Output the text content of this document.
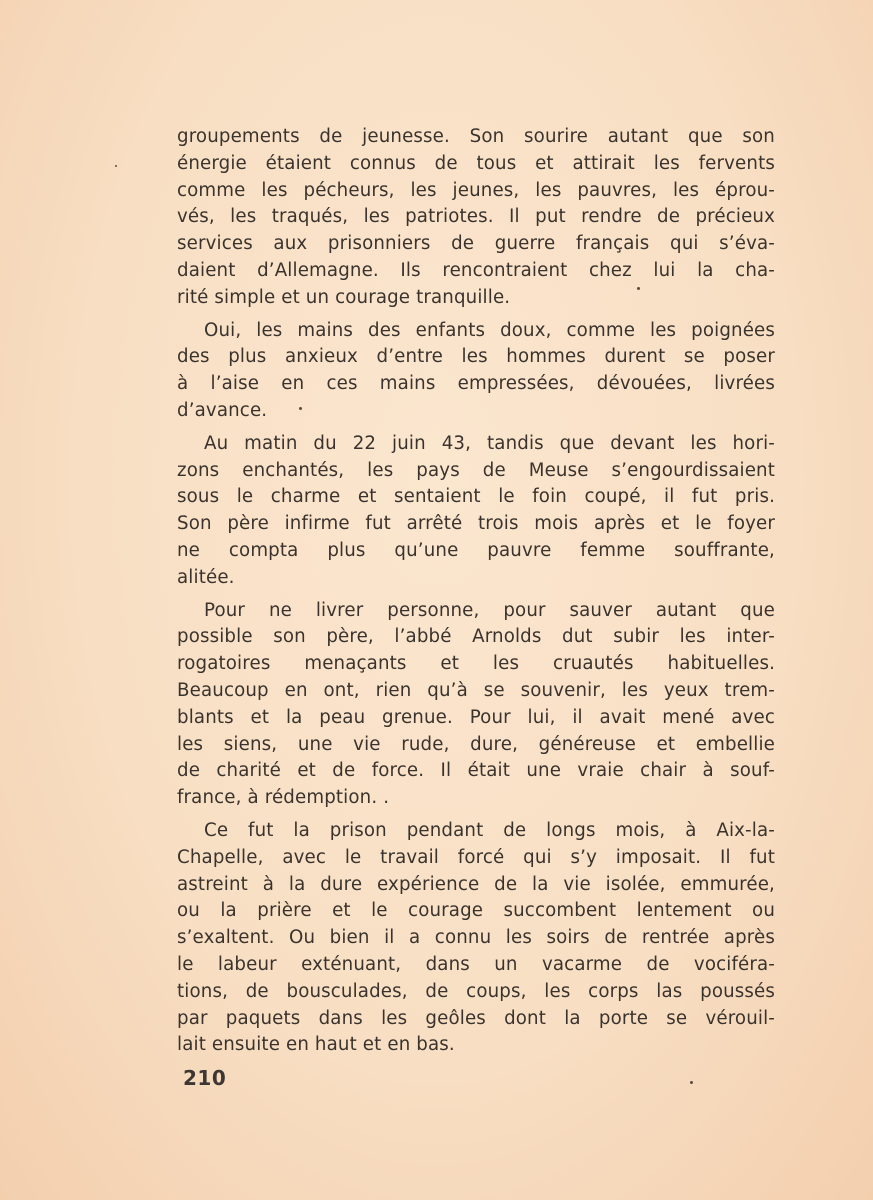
groupements de jeunesse. Son sourire autant que son
énergie étaient connus de tous et attirait les fervents
comme les pécheurs, les jeunes, les pauvres, les éprou-
vés, les traqués, les patriotes. Il put rendre de précieux
services aux prisonniers de guerre français qui s’éva-
daient d’Allemagne. Ils rencontraient chez lui la cha-
rité simple et un courage tranquille.
Oui, les mains des enfants doux, comme les poignées
des plus anxieux d’entre les hommes durent se poser
à l’aise en ces mains empressées, dévouées, livrées
d’avance.
Au matin du 22 juin 43, tandis que devant les hori-
zons enchantés, les pays de Meuse s’engourdissaient
sous le charme et sentaient le foin coupé, il fut pris.
Son père infirme fut arrêté trois mois après et le foyer
ne compta plus qu’une pauvre femme souffrante,
alitée.
Pour ne livrer personne, pour sauver autant que
possible son père, l’abbé Arnolds dut subir les inter-
rogatoires menaçants et les cruautés habituelles.
Beaucoup en ont, rien qu’à se souvenir, les yeux trem-
blants et la peau grenue. Pour lui, il avait mené avec
les siens, une vie rude, dure, généreuse et embellie
de charité et de force. Il était une vraie chair à souf-
france, à rédemption. .
Ce fut la prison pendant de longs mois, à Aix-la-
Chapelle, avec le travail forcé qui s’y imposait. Il fut
astreint à la dure expérience de la vie isolée, emmurée,
ou la prière et le courage succombent lentement ou
s’exaltent. Ou bien il a connu les soirs de rentrée après
le labeur exténuant, dans un vacarme de vociféra-
tions, de bousculades, de coups, les corps las poussés
par paquets dans les geôles dont la porte se vérouil-
lait ensuite en haut et en bas.
210
